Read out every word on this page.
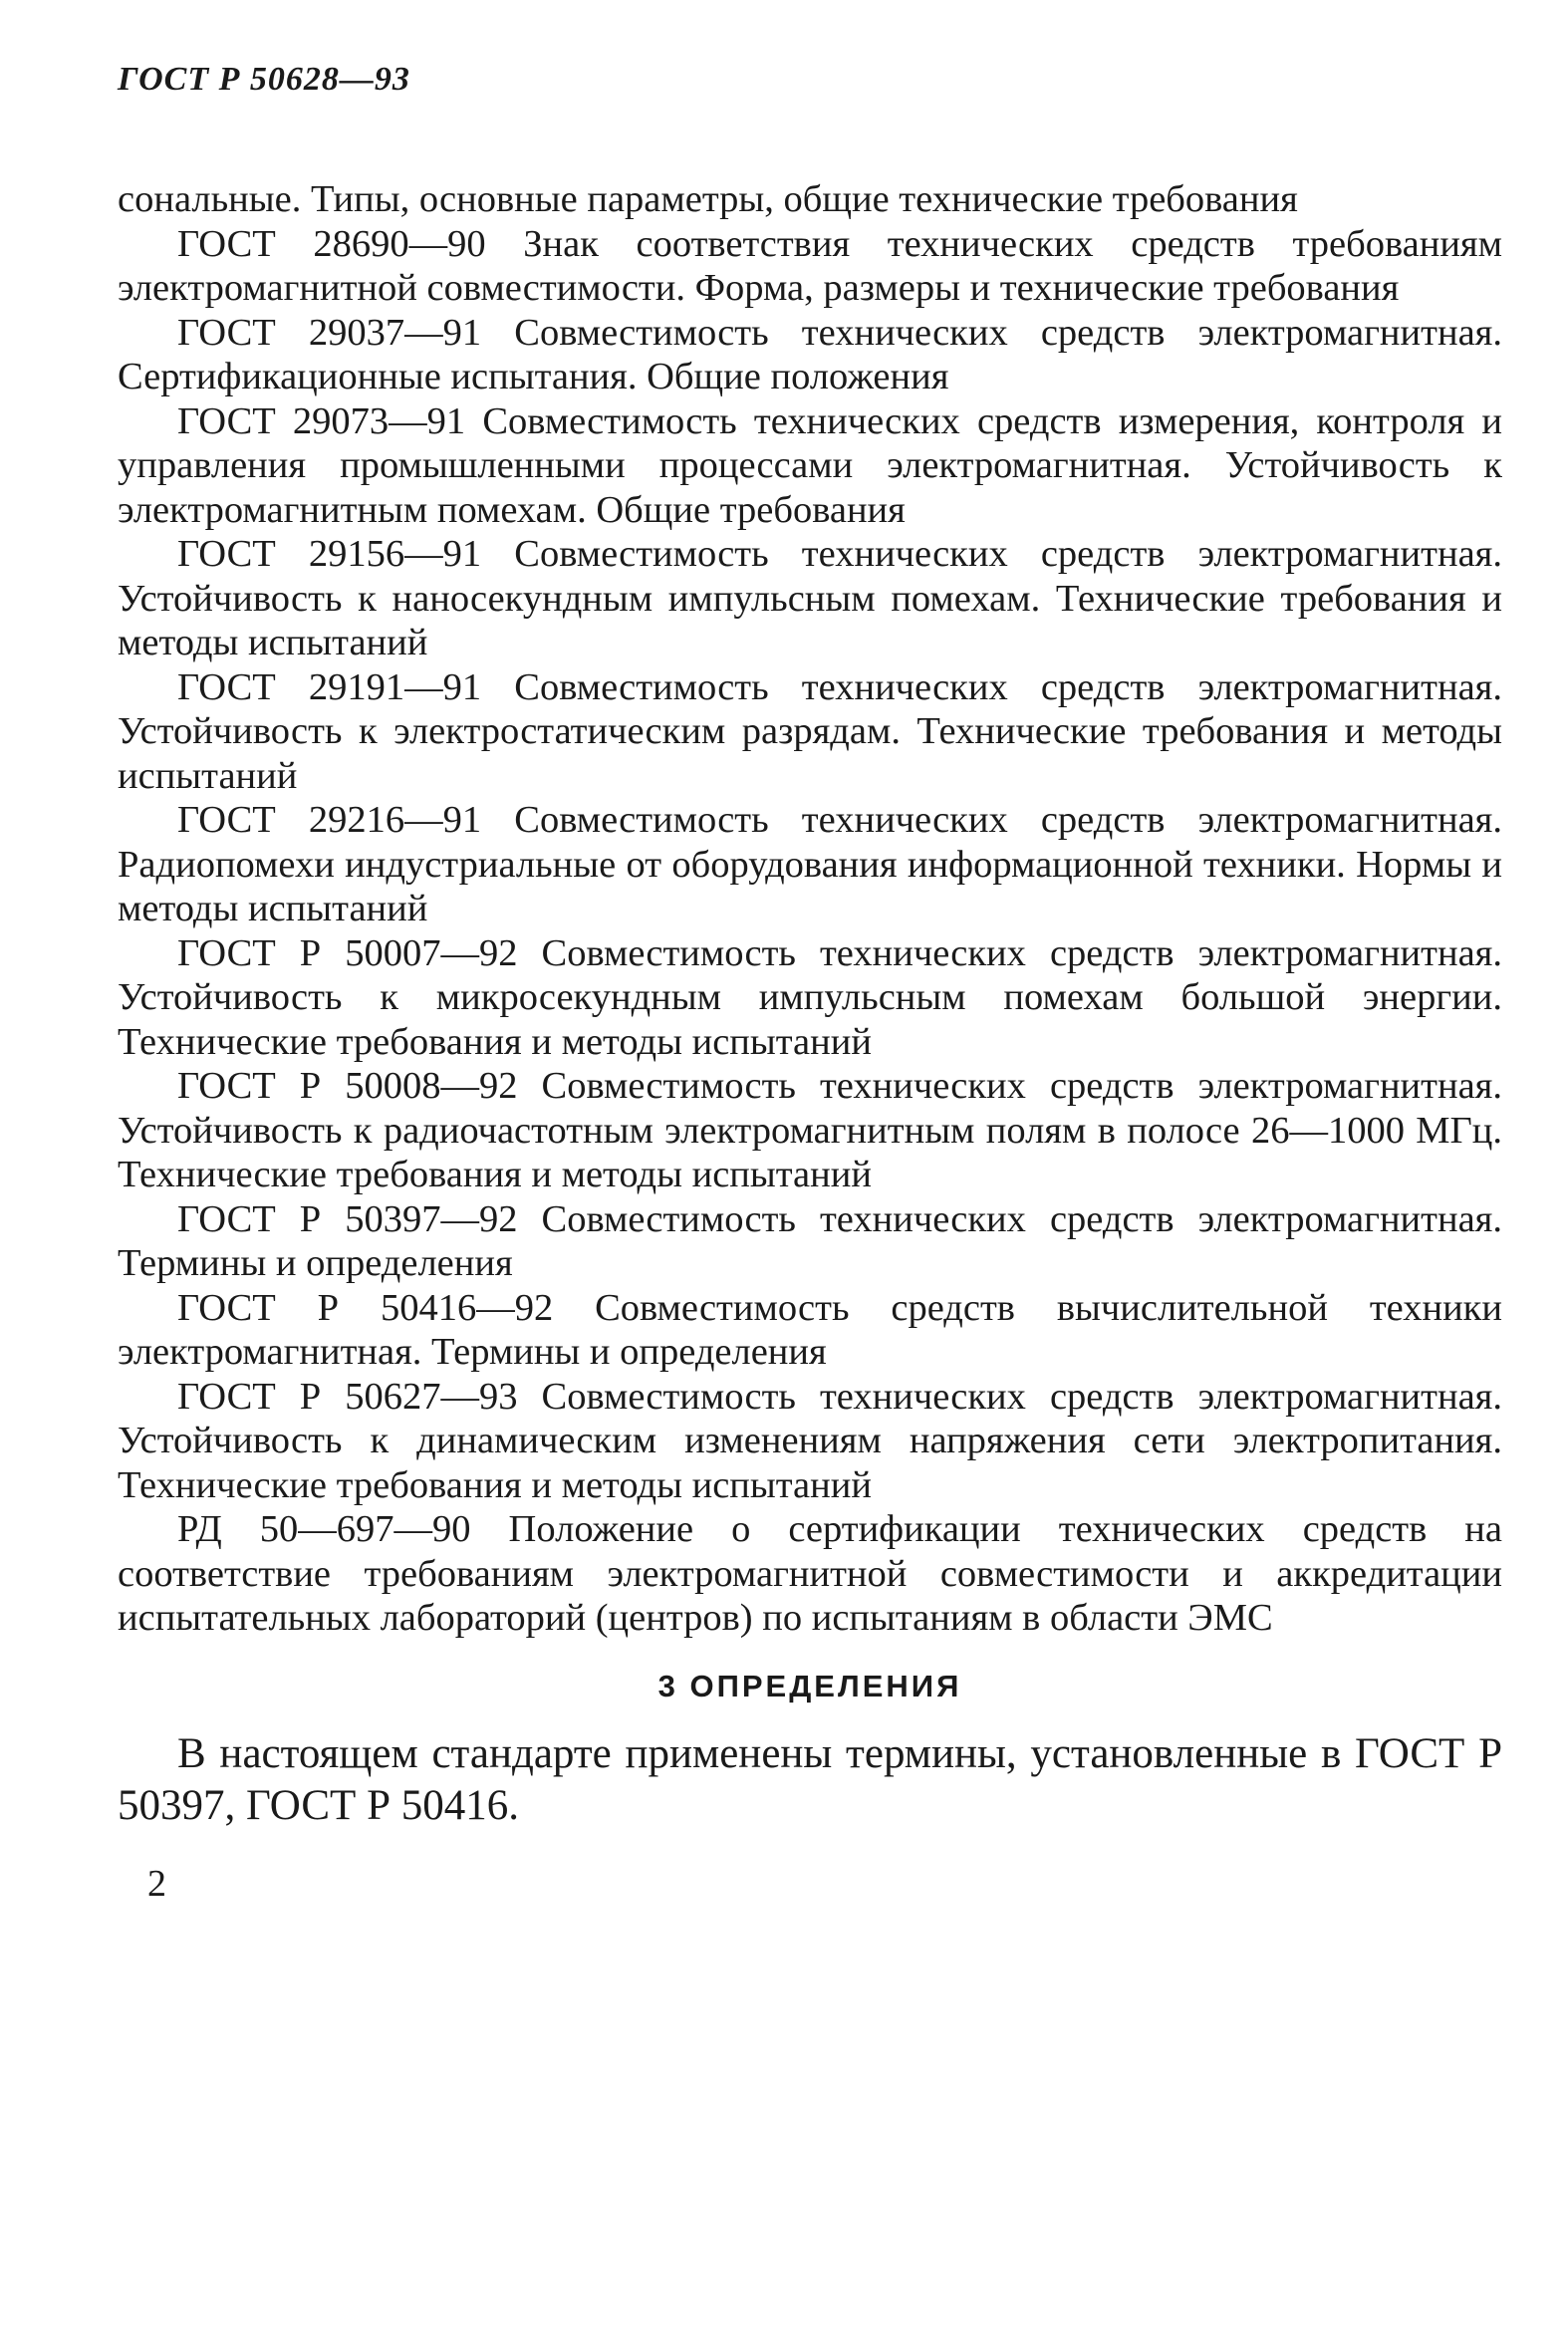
ГОСТ Р 50628—93

сональные. Типы, основные параметры, общие технические требования

ГОСТ 28690—90 Знак соответствия технических средств требованиям электромагнитной совместимости. Форма, размеры и технические требования

ГОСТ 29037—91 Совместимость технических средств электромагнитная. Сертификационные испытания. Общие положения

ГОСТ 29073—91 Совместимость технических средств измерения, контроля и управления промышленными процессами электромагнитная. Устойчивость к электромагнитным помехам. Общие требования

ГОСТ 29156—91 Совместимость технических средств электромагнитная. Устойчивость к наносекундным импульсным помехам. Технические требования и методы испытаний

ГОСТ 29191—91 Совместимость технических средств электромагнитная. Устойчивость к электростатическим разрядам. Технические требования и методы испытаний

ГОСТ 29216—91 Совместимость технических средств электромагнитная. Радиопомехи индустриальные от оборудования информационной техники. Нормы и методы испытаний

ГОСТ Р 50007—92 Совместимость технических средств электромагнитная. Устойчивость к микросекундным импульсным помехам большой энергии. Технические требования и методы испытаний

ГОСТ Р 50008—92 Совместимость технических средств электромагнитная. Устойчивость к радиочастотным электромагнитным полям в полосе 26—1000 МГц. Технические требования и методы испытаний

ГОСТ Р 50397—92 Совместимость технических средств электромагнитная. Термины и определения

ГОСТ Р 50416—92 Совместимость средств вычислительной техники электромагнитная. Термины и определения

ГОСТ Р 50627—93 Совместимость технических средств электромагнитная. Устойчивость к динамическим изменениям напряжения сети электропитания. Технические требования и методы испытаний

РД 50—697—90 Положение о сертификации технических средств на соответствие требованиям электромагнитной совместимости и аккредитации испытательных лабораторий (центров) по испытаниям в области ЭМС

3 ОПРЕДЕЛЕНИЯ

В настоящем стандарте применены термины, установленные в ГОСТ Р 50397, ГОСТ Р 50416.

2
